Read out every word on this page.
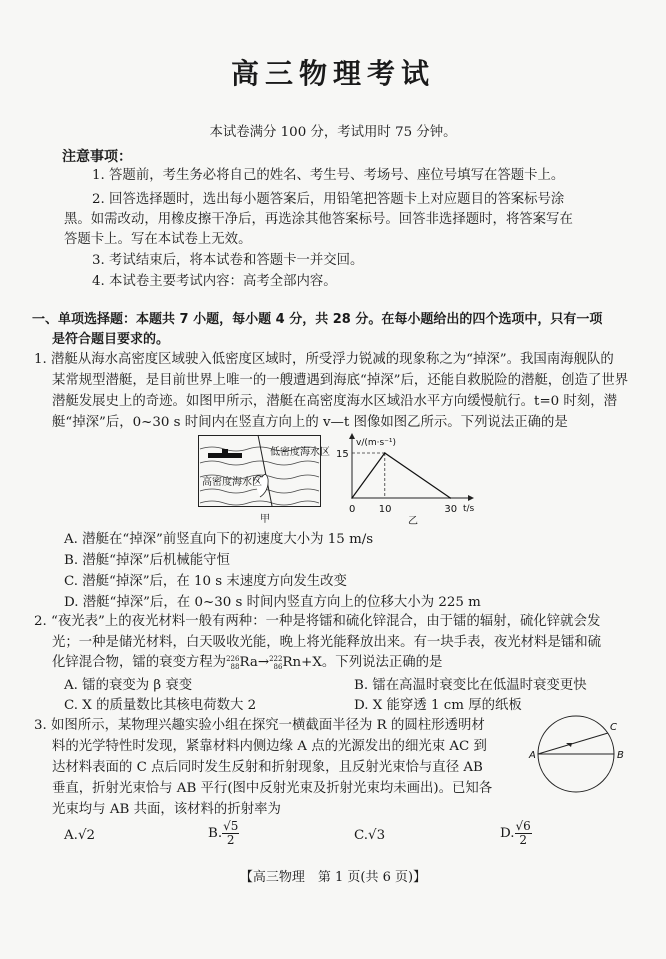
高三物理考试
本试卷满分 100 分，考试用时 75 分钟。
注意事项：
1. 答题前，考生务必将自己的姓名、考生号、考场号、座位号填写在答题卡上。
2. 回答选择题时，选出每小题答案后，用铅笔把答题卡上对应题目的答案标号涂
黑。如需改动，用橡皮擦干净后，再选涂其他答案标号。回答非选择题时，将答案写在
答题卡上。写在本试卷上无效。
3. 考试结束后，将本试卷和答题卡一并交回。
4. 本试卷主要考试内容：高考全部内容。
一、单项选择题：本题共 7 小题，每小题 4 分，共 28 分。在每小题给出的四个选项中，只有一项
是符合题目要求的。
1. 潜艇从海水高密度区域驶入低密度区域时，所受浮力锐减的现象称之为“掉深”。我国南海舰队的
某常规型潜艇，是目前世界上唯一的一艘遭遇到海底“掉深”后，还能自救脱险的潜艇，创造了世界
潜艇发展史上的奇迹。如图甲所示，潜艇在高密度海水区域沿水平方向缓慢航行。t=0 时刻，潜
艇“掉深”后，0~30 s 时间内在竖直方向上的 v—t 图像如图乙所示。下列说法正确的是
低密度海水区
高密度海水区
甲
v/(m·s⁻¹)
t/s
15
0 10	30
乙
A. 潜艇在“掉深”前竖直向下的初速度大小为 15 m/s
B. 潜艇“掉深”后机械能守恒
C. 潜艇“掉深”后，在 10 s 末速度方向发生改变
D. 潜艇“掉深”后，在 0~30 s 时间内竖直方向上的位移大小为 225 m
2. “夜光表”上的夜光材料一般有两种：一种是将镭和硫化锌混合，由于镭的辐射，硫化锌就会发
光；一种是储光材料，白天吸收光能，晚上将光能释放出来。有一块手表，夜光材料是镭和硫
化锌混合物，镭的衰变方程为 226
88 Ra→ 222
86 Rn+X。下列说法正确的是
A. 镭的衰变为 β 衰变	B. 镭在高温时衰变比在低温时衰变更快
C. X 的质量数比其核电荷数大 2	D. X 能穿透 1 cm 厚的纸板
3. 如图所示，某物理兴趣实验小组在探究一横截面半径为 R 的圆柱形透明材
料的光学特性时发现，紧靠材料内侧边缘 A 点的光源发出的细光束 AC 到
达材料表面的 C 点后同时发生反射和折射现象，且反射光束恰与直径 AB
垂直，折射光束恰与 AB 平行(图中反射光束及折射光束均未画出)。已知各
光束均与 AB 共面，该材料的折射率为
A	B
C
A.√2	B. $\frac{√5}{2}$	C.√3	D. $\frac{√6}{2}$
【高三物理　第 1 页(共 6 页)】
